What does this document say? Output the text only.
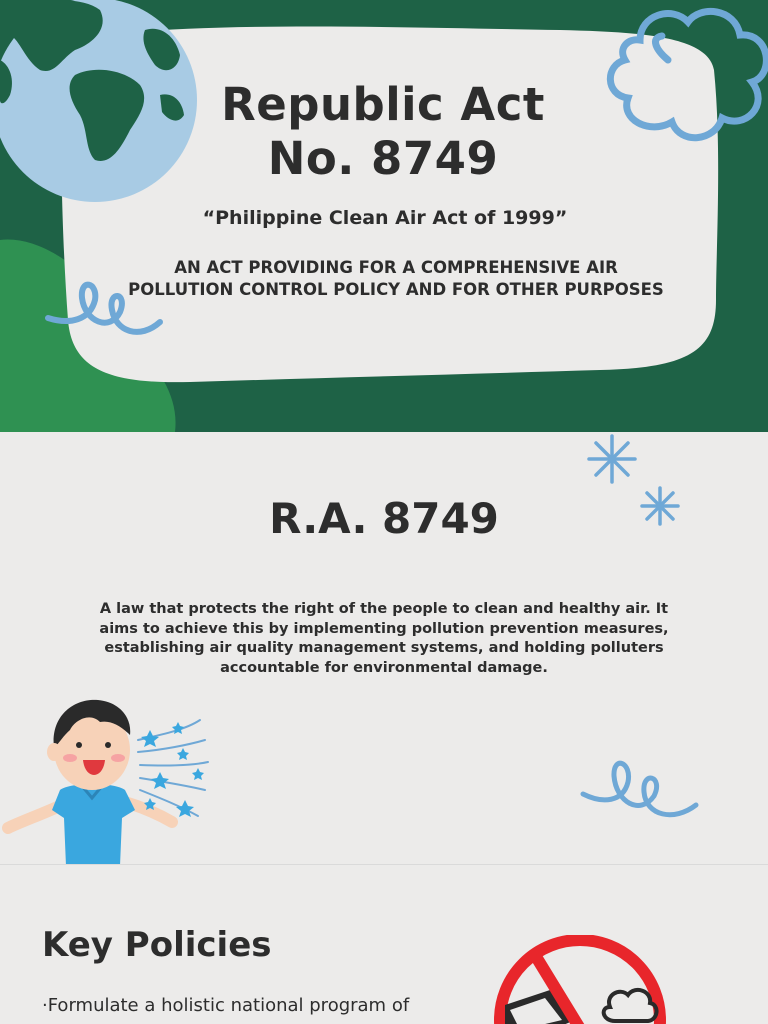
Republic Act
No. 8749
“Philippine Clean Air Act of 1999”
AN ACT PROVIDING FOR A COMPREHENSIVE AIR
POLLUTION CONTROL POLICY AND FOR OTHER PURPOSES
R.A. 8749
A law that protects the right of the people to clean and healthy air. It
aims to achieve this by implementing pollution prevention measures,
establishing air quality management systems, and holding polluters
accountable for environmental damage.
Key Policies
·Formulate a holistic national program of
